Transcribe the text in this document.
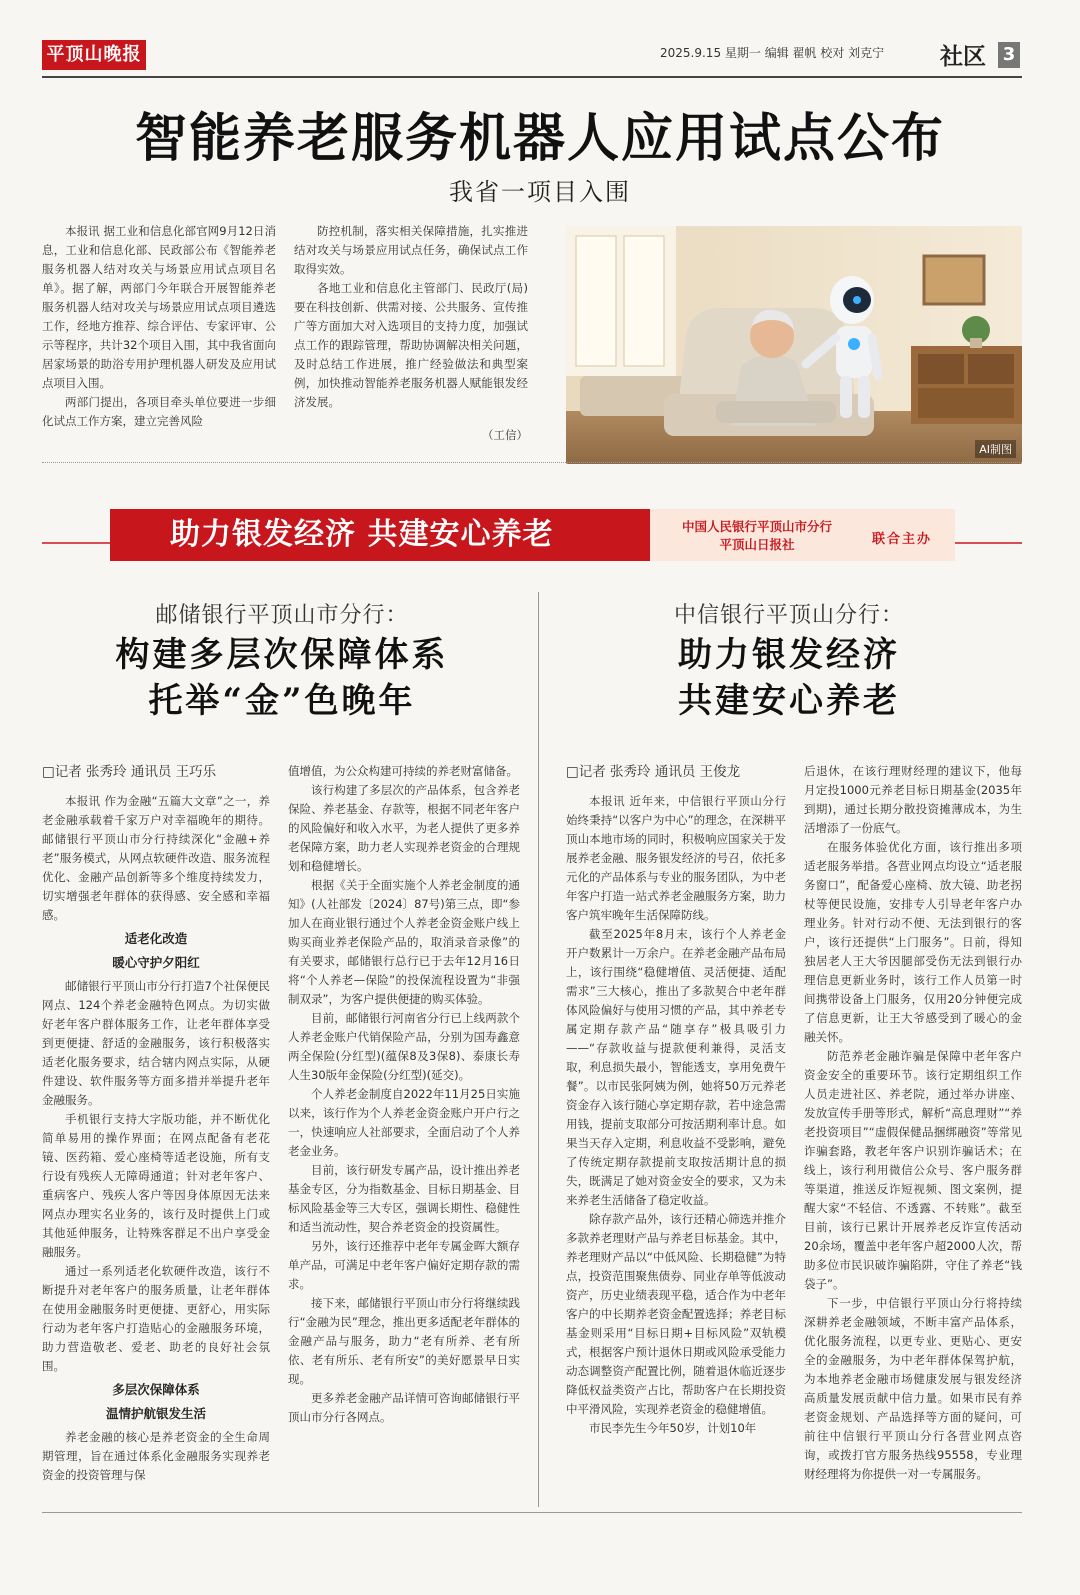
平顶山晚报	2025.9.15 星期一 编辑 翟帆 校对 刘克宁 社区 3
智能养老服务机器人应用试点公布
我省一项目入围

本报讯 据工业和信息化部官网9月12日消息，工业和信息化部、民政部公布《智能养老服务机器人结对攻关与场景应用试点项目名单》。据了解，两部门今年联合开展智能养老服务机器人结对攻关与场景应用试点项目遴选工作，经地方推荐、综合评估、专家评审、公示等程序，共计32个项目入围，其中我省面向居家场景的助浴专用护理机器人研发及应用试点项目入围。

两部门提出，各项目牵头单位要进一步细化试点工作方案，建立完善风险

防控机制，落实相关保障措施，扎实推进结对攻关与场景应用试点任务，确保试点工作取得实效。

各地工业和信息化主管部门、民政厅(局)要在科技创新、供需对接、公共服务、宣传推广等方面加大对入选项目的支持力度，加强试点工作的跟踪管理，帮助协调解决相关问题，及时总结工作进展，推广经验做法和典型案例，加快推动智能养老服务机器人赋能银发经济发展。

（工信）

AI制图
助力银发经济 共建安心养老	中国人民银行平顶山市分行
平顶山日报社	联合主办
邮储银行平顶山市分行：
构建多层次保障体系
托举“金”色晚年
□记者 张秀玲 通讯员 王巧乐

本报讯 作为金融“五篇大文章”之一，养老金融承载着千家万户对幸福晚年的期待。邮储银行平顶山市分行持续深化“金融+养老”服务模式，从网点软硬件改造、服务流程优化、金融产品创新等多个维度持续发力，切实增强老年群体的获得感、安全感和幸福感。

适老化改造

暖心守护夕阳红

邮储银行平顶山市分行打造7个社保便民网点、124个养老金融特色网点。为切实做好老年客户群体服务工作，让老年群体享受到更便捷、舒适的金融服务，该行积极落实适老化服务要求，结合辖内网点实际，从硬件建设、软件服务等方面多措并举提升老年金融服务。

手机银行支持大字版功能，并不断优化简单易用的操作界面；在网点配备有老花镜、医药箱、爱心座椅等适老设施，所有支行设有残疾人无障碍通道；针对老年客户、重病客户、残疾人客户等因身体原因无法来网点办理实名业务的，该行及时提供上门或其他延伸服务，让特殊客群足不出户享受金融服务。

通过一系列适老化软硬件改造，该行不断提升对老年客户的服务质量，让老年群体在使用金融服务时更便捷、更舒心，用实际行动为老年客户打造贴心的金融服务环境，助力营造敬老、爱老、助老的良好社会氛围。

多层次保障体系

温情护航银发生活

养老金融的核心是养老资金的全生命周期管理，旨在通过体系化金融服务实现养老资金的投资管理与保

值增值，为公众构建可持续的养老财富储备。

该行构建了多层次的产品体系，包含养老保险、养老基金、存款等，根据不同老年客户的风险偏好和收入水平，为老人提供了更多养老保障方案，助力老人实现养老资金的合理规划和稳健增长。

根据《关于全面实施个人养老金制度的通知》(人社部发〔2024〕87号)第三点，即“参加人在商业银行通过个人养老金资金账户线上购买商业养老保险产品的，取消录音录像”的有关要求，邮储银行总行已于去年12月16日将“个人养老—保险”的投保流程设置为“非强制双录”，为客户提供便捷的购买体验。

目前，邮储银行河南省分行已上线两款个人养老金账户代销保险产品，分别为国寿鑫意两全保险(分红型)(蕴保8及3保8)、泰康长寿人生30版年金保险(分红型)(延交)。

个人养老金制度自2022年11月25日实施以来，该行作为个人养老金资金账户开户行之一，快速响应人社部要求，全面启动了个人养老金业务。

目前，该行研发专属产品，设计推出养老基金专区，分为指数基金、目标日期基金、目标风险基金等三大专区，强调长期性、稳健性和适当流动性，契合养老资金的投资属性。

另外，该行还推荐中老年专属金晖大额存单产品，可满足中老年客户偏好定期存款的需求。

接下来，邮储银行平顶山市分行将继续践行“金融为民”理念，推出更多适配老年群体的金融产品与服务，助力“老有所养、老有所依、老有所乐、老有所安”的美好愿景早日实现。

更多养老金融产品详情可咨询邮储银行平顶山市分行各网点。

中信银行平顶山分行：
助力银发经济
共建安心养老
□记者 张秀玲 通讯员 王俊龙

本报讯 近年来，中信银行平顶山分行始终秉持“以客户为中心”的理念，在深耕平顶山本地市场的同时，积极响应国家关于发展养老金融、服务银发经济的号召，依托多元化的产品体系与专业的服务团队，为中老年客户打造一站式养老金融服务方案，助力客户筑牢晚年生活保障防线。

截至2025年8月末，该行个人养老金开户数累计一万余户。在养老金融产品布局上，该行围绕“稳健增值、灵活便捷、适配需求”三大核心，推出了多款契合中老年群体风险偏好与使用习惯的产品，其中养老专属定期存款产品“随享存”极具吸引力——“存款收益与提款便利兼得，灵活支取，利息损失最小，智能透支，享用免费午餐”。以市民张阿姨为例，她将50万元养老资金存入该行随心享定期存款，若中途急需用钱，提前支取部分可按活期利率计息。如果当天存入定期，利息收益不受影响，避免了传统定期存款提前支取按活期计息的损失，既满足了她对资金安全的要求，又为未来养老生活储备了稳定收益。

除存款产品外，该行还精心筛选并推介多款养老理财产品与养老目标基金。其中，养老理财产品以“中低风险、长期稳健”为特点，投资范围聚焦债券、同业存单等低波动资产，历史业绩表现平稳，适合作为中老年客户的中长期养老资金配置选择；养老目标基金则采用“目标日期+目标风险”双轨模式，根据客户预计退休日期或风险承受能力动态调整资产配置比例，随着退休临近逐步降低权益类资产占比，帮助客户在长期投资中平滑风险，实现养老资金的稳健增值。

市民李先生今年50岁，计划10年

后退休，在该行理财经理的建议下，他每月定投1000元养老目标日期基金(2035年到期)，通过长期分散投资摊薄成本，为生活增添了一份底气。

在服务体验优化方面，该行推出多项适老服务举措。各营业网点均设立“适老服务窗口”，配备爱心座椅、放大镜、助老拐杖等便民设施，安排专人引导老年客户办理业务。针对行动不便、无法到银行的客户，该行还提供“上门服务”。日前，得知独居老人王大爷因腿部受伤无法到银行办理信息更新业务时，该行工作人员第一时间携带设备上门服务，仅用20分钟便完成了信息更新，让王大爷感受到了暖心的金融关怀。

防范养老金融诈骗是保障中老年客户资金安全的重要环节。该行定期组织工作人员走进社区、养老院，通过举办讲座、发放宣传手册等形式，解析“高息理财”“养老投资项目”“虚假保健品捆绑融资”等常见诈骗套路，教老年客户识别诈骗话术；在线上，该行利用微信公众号、客户服务群等渠道，推送反诈短视频、图文案例，提醒大家“不轻信、不透露、不转账”。截至目前，该行已累计开展养老反诈宣传活动20余场，覆盖中老年客户超2000人次，帮助多位市民识破诈骗陷阱，守住了养老“钱袋子”。

下一步，中信银行平顶山分行将持续深耕养老金融领域，不断丰富产品体系，优化服务流程，以更专业、更贴心、更安全的金融服务，为中老年群体保驾护航，为本地养老金融市场健康发展与银发经济高质量发展贡献中信力量。如果市民有养老资金规划、产品选择等方面的疑问，可前往中信银行平顶山分行各营业网点咨询，或拨打官方服务热线95558，专业理财经理将为你提供一对一专属服务。
